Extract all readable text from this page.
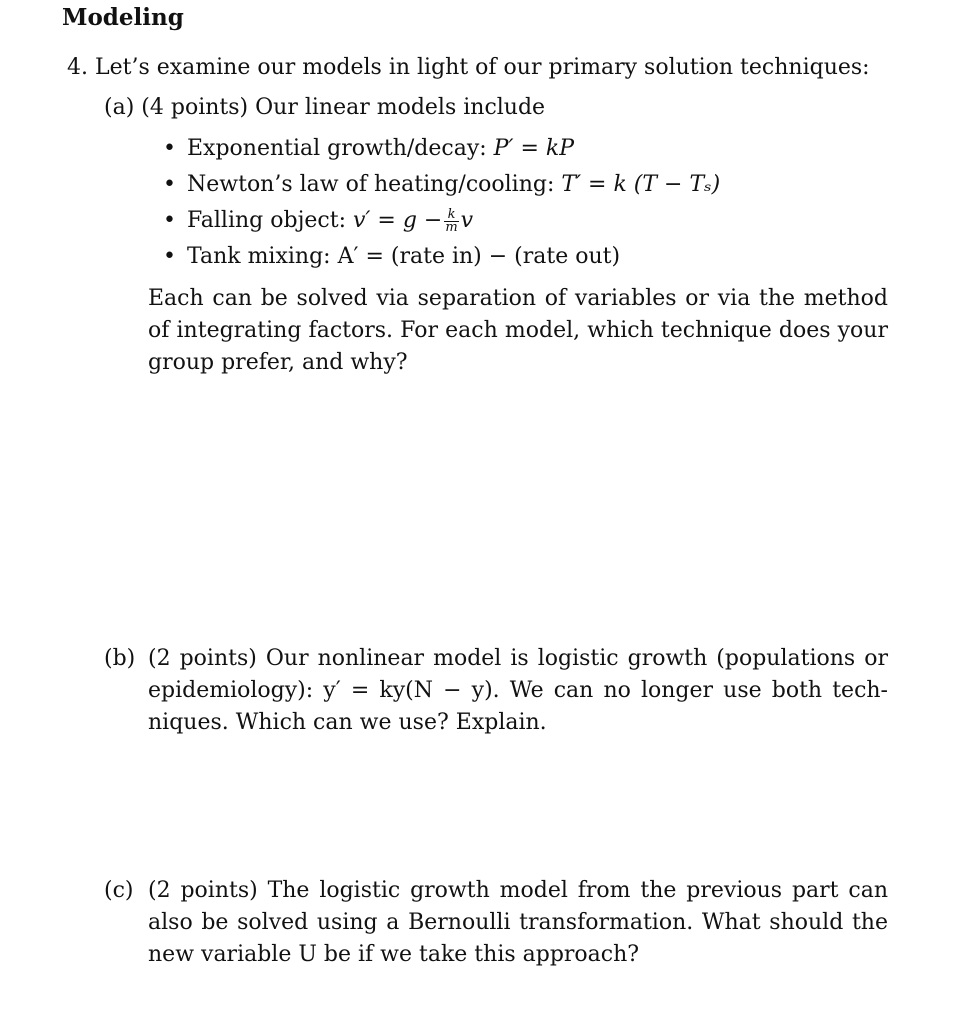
Modeling
4. Let’s examine our models in light of our primary solution techniques:
(a) (4 points) Our linear models include
• Exponential growth/decay: P′ = kP
• Newton’s law of heating/cooling: T′ = k (T − Tₛ)
• Falling object: $v' = g - \frac{k}{m}$ v
• Tank mixing: A′ = (rate in) − (rate out)

Each can be solved via separation of variables or via the method of integrating factors. For each model, which technique does your group prefer, and why?

(b) (2 points) Our nonlinear model is logistic growth (populations or epidemiology): y′ = ky(N − y). We can no longer use both tech- niques. Which can we use? Explain.

(c) (2 points) The logistic growth model from the previous part can also be solved using a Bernoulli transformation. What should the new variable U be if we take this approach?
